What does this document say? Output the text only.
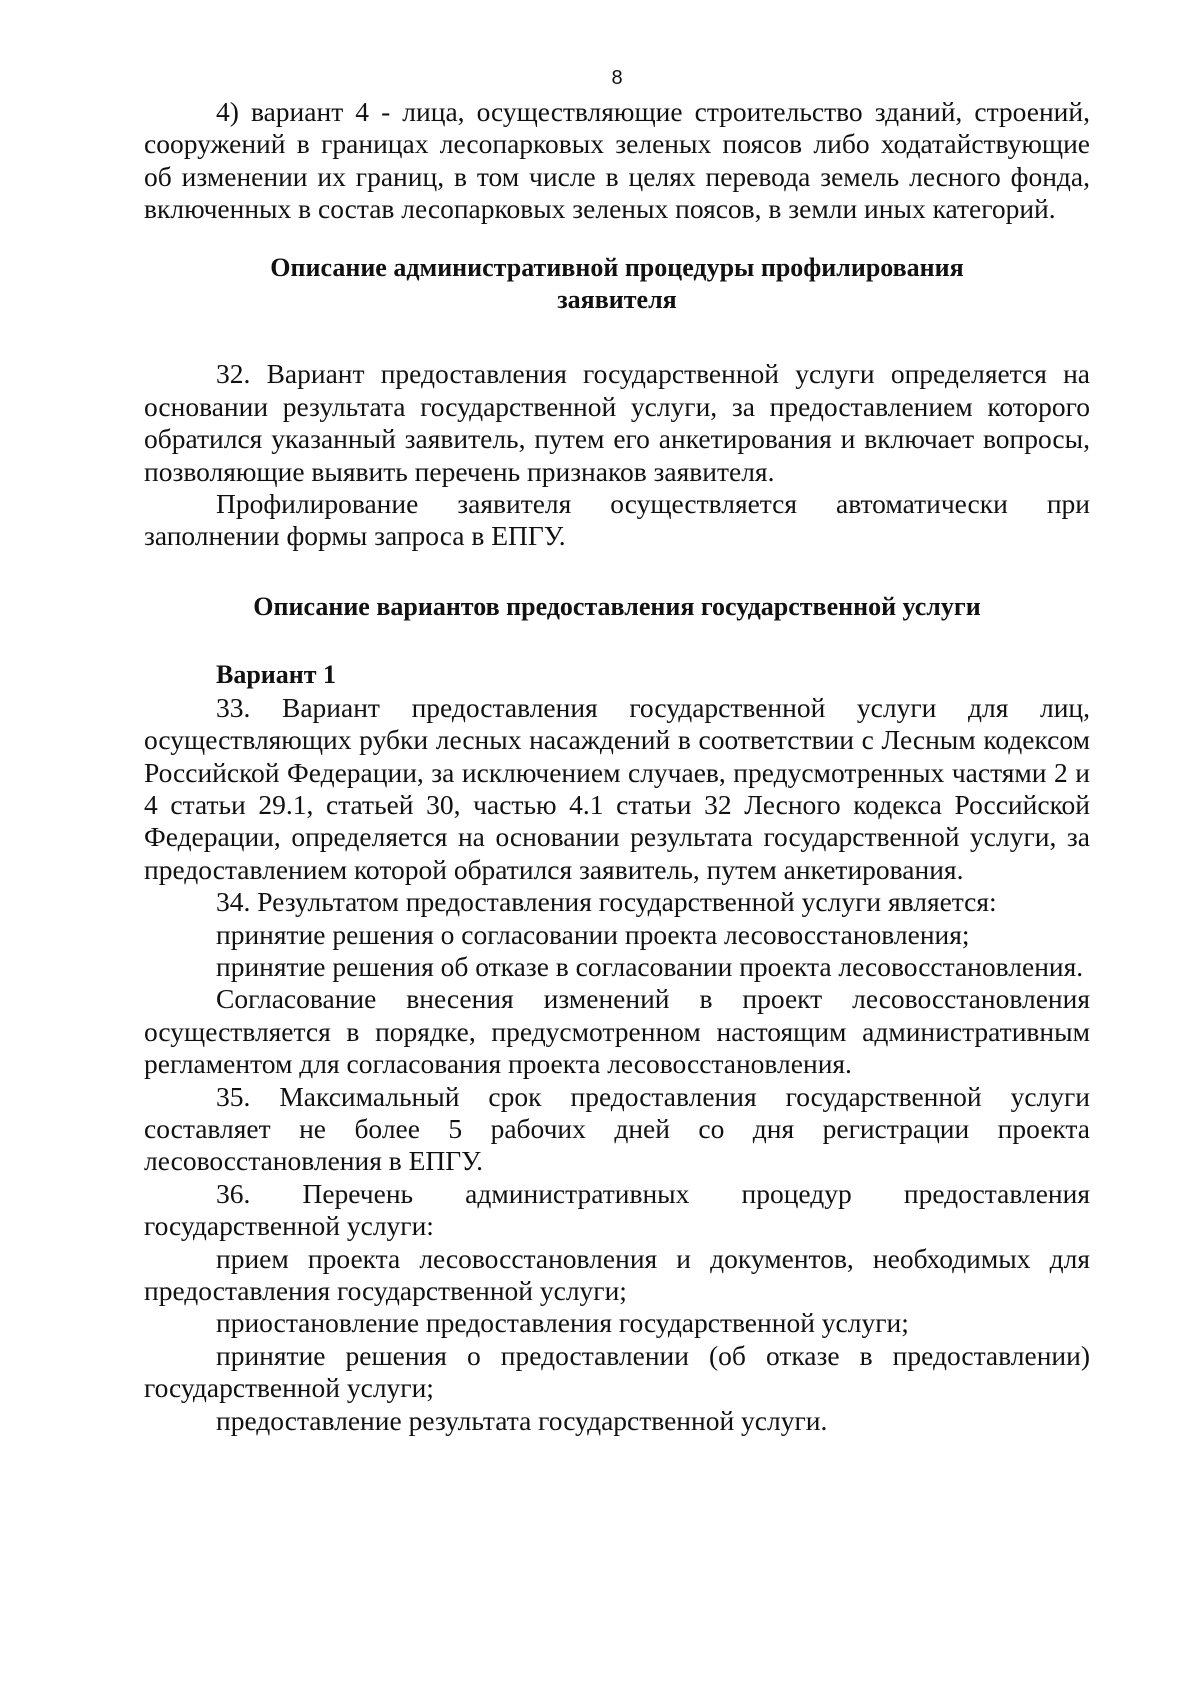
8

4) вариант 4 - лица, осуществляющие строительство зданий, строений, сооружений в границах лесопарковых зеленых поясов либо ходатайствующие об изменении их границ, в том числе в целях перевода земель лесного фонда, включенных в состав лесопарковых зеленых поясов, в земли иных категорий.

Описание административной процедуры профилирования
заявителя

32. Вариант предоставления государственной услуги определяется на основании результата государственной услуги, за предоставлением которого обратился указанный заявитель, путем его анкетирования и включает вопросы, позволяющие выявить перечень признаков заявителя.

Профилирование заявителя осуществляется автоматически при заполнении формы запроса в ЕПГУ.

Описание вариантов предоставления государственной услуги
Вариант 1

33. Вариант предоставления государственной услуги для лиц, осуществляющих рубки лесных насаждений в соответствии с Лесным кодексом Российской Федерации, за исключением случаев, предусмотренных частями 2 и 4 статьи 29.1, статьей 30, частью 4.1 статьи 32 Лесного кодекса Российской Федерации, определяется на основании результата государственной услуги, за предоставлением которой обратился заявитель, путем анкетирования.

34. Результатом предоставления государственной услуги является:

принятие решения о согласовании проекта лесовосстановления;

принятие решения об отказе в согласовании проекта лесовосстановления.

Согласование внесения изменений в проект лесовосстановления осуществляется в порядке, предусмотренном настоящим административным регламентом для согласования проекта лесовосстановления.

35. Максимальный срок предоставления государственной услуги составляет не более 5 рабочих дней со дня регистрации проекта лесовосстановления в ЕПГУ.

36. Перечень административных процедур предоставления государственной услуги:

прием проекта лесовосстановления и документов, необходимых для предоставления государственной услуги;

приостановление предоставления государственной услуги;

принятие решения о предоставлении (об отказе в предоставлении) государственной услуги;

предоставление результата государственной услуги.
